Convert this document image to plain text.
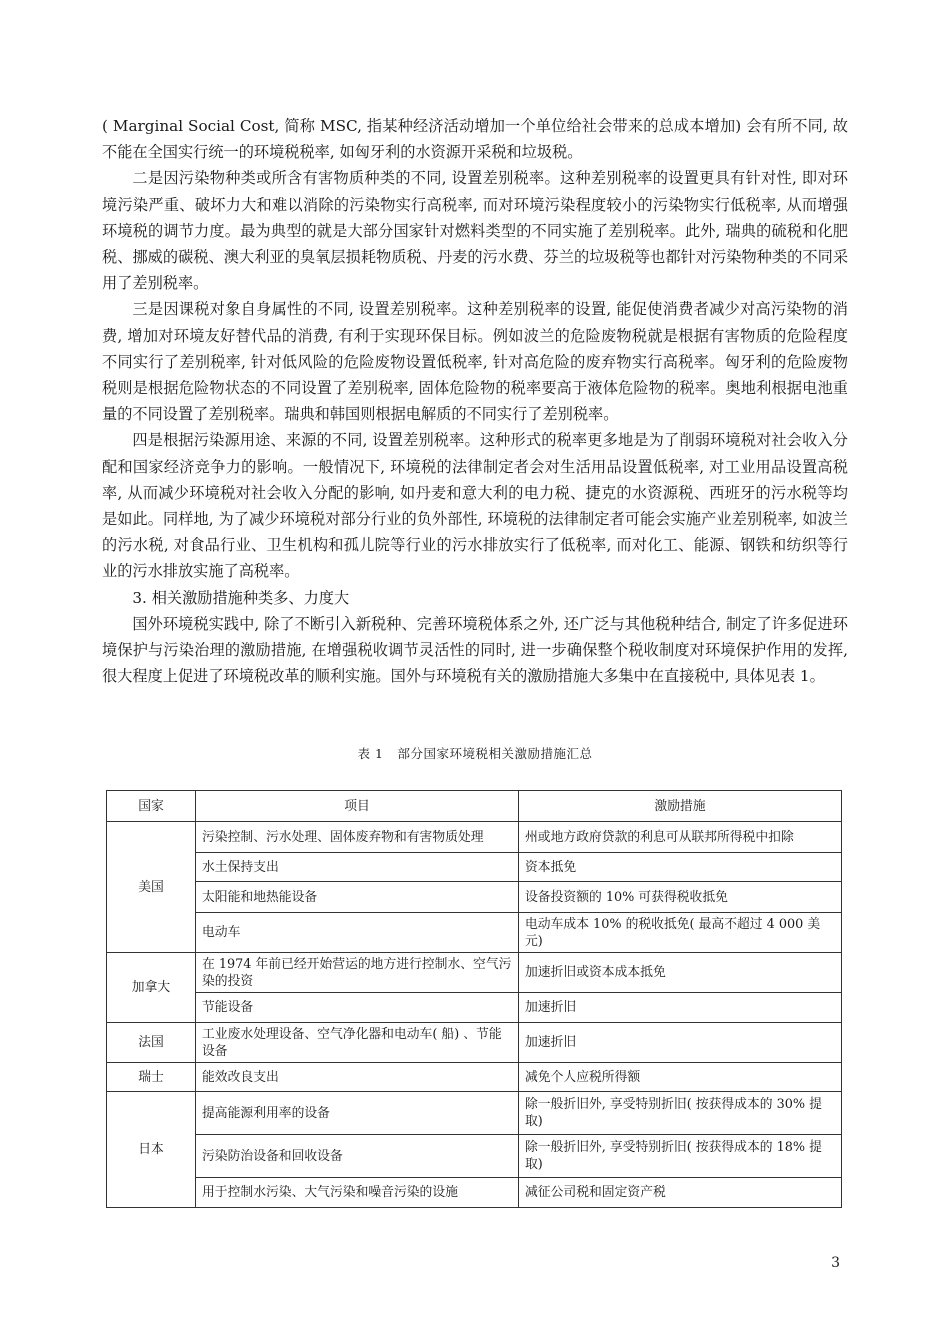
( Marginal Social Cost, 简称 MSC, 指某种经济活动增加一个单位给社会带来的总成本增加) 会有所不同, 故不能在全国实行统一的环境税税率, 如匈牙利的水资源开采税和垃圾税。

二是因污染物种类或所含有害物质种类的不同, 设置差别税率。这种差别税率的设置更具有针对性, 即对环境污染严重、破坏力大和难以消除的污染物实行高税率, 而对环境污染程度较小的污染物实行低税率, 从而增强环境税的调节力度。最为典型的就是大部分国家针对燃料类型的不同实施了差别税率。此外, 瑞典的硫税和化肥税、挪威的碳税、澳大利亚的臭氧层损耗物质税、丹麦的污水费、芬兰的垃圾税等也都针对污染物种类的不同采用了差别税率。

三是因课税对象自身属性的不同, 设置差别税率。这种差别税率的设置, 能促使消费者减少对高污染物的消费, 增加对环境友好替代品的消费, 有利于实现环保目标。例如波兰的危险废物税就是根据有害物质的危险程度不同实行了差别税率, 针对低风险的危险废物设置低税率, 针对高危险的废弃物实行高税率。匈牙利的危险废物税则是根据危险物状态的不同设置了差别税率, 固体危险物的税率要高于液体危险物的税率。奥地利根据电池重量的不同设置了差别税率。瑞典和韩国则根据电解质的不同实行了差别税率。

四是根据污染源用途、来源的不同, 设置差别税率。这种形式的税率更多地是为了削弱环境税对社会收入分配和国家经济竞争力的影响。一般情况下, 环境税的法律制定者会对生活用品设置低税率, 对工业用品设置高税率, 从而减少环境税对社会收入分配的影响, 如丹麦和意大利的电力税、捷克的水资源税、西班牙的污水税等均是如此。同样地, 为了减少环境税对部分行业的负外部性, 环境税的法律制定者可能会实施产业差别税率, 如波兰的污水税, 对食品行业、卫生机构和孤儿院等行业的污水排放实行了低税率, 而对化工、能源、钢铁和纺织等行业的污水排放实施了高税率。

3. 相关激励措施种类多、力度大

国外环境税实践中, 除了不断引入新税种、完善环境税体系之外, 还广泛与其他税种结合, 制定了许多促进环境保护与污染治理的激励措施, 在增强税收调节灵活性的同时, 进一步确保整个税收制度对环境保护作用的发挥, 很大程度上促进了环境税改革的顺利实施。国外与环境税有关的激励措施大多集中在直接税中, 具体见表 1。

表 1 部分国家环境税相关激励措施汇总
国家	项目	激励措施
美国	污染控制、污水处理、固体废弃物和有害物质处理	州或地方政府贷款的利息可从联邦所得税中扣除
	水土保持支出	资本抵免
	太阳能和地热能设备	设备投资额的 10% 可获得税收抵免
	电动车	电动车成本 10% 的税收抵免( 最高不超过 4 000 美元)
加拿大	在 1974 年前已经开始营运的地方进行控制水、空气污染的投资	加速折旧或资本成本抵免
	节能设备	加速折旧
法国	工业废水处理设备、空气净化器和电动车( 船) 、节能设备	加速折旧
瑞士	能效改良支出	减免个人应税所得额
日本	提高能源利用率的设备	除一般折旧外, 享受特别折旧( 按获得成本的 30% 提取)
	污染防治设备和回收设备	除一般折旧外, 享受特别折旧( 按获得成本的 18% 提取)
	用于控制水污染、大气污染和噪音污染的设施	减征公司税和固定资产税
3
